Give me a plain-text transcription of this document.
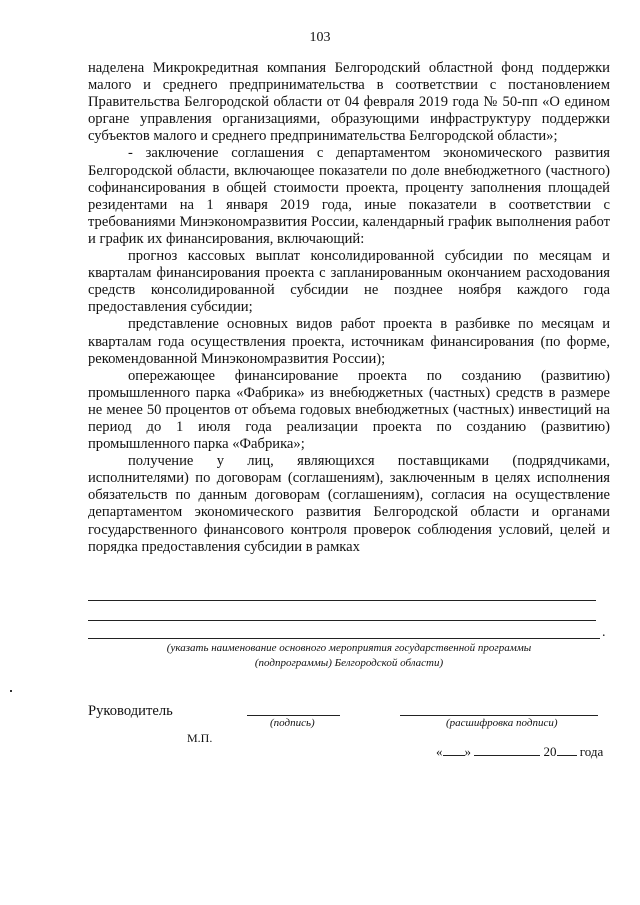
103

наделена Микрокредитная компания Белгородский областной фонд поддержки малого и среднего предпринимательства в соответствии с постановлением Правительства Белгородской области от 04 февраля 2019 года № 50-пп «О едином органе управления организациями, образующими инфраструктуру поддержки субъектов малого и среднего предпринимательства Белгородской области»;

- заключение соглашения с департаментом экономического развития Белгородской области, включающее показатели по доле внебюджетного (частного) софинансирования в общей стоимости проекта, проценту заполнения площадей резидентами на 1 января 2019 года, иные показатели в соответствии с требованиями Минэкономразвития России, календарный график выполнения работ и график их финансирования, включающий:

прогноз кассовых выплат консолидированной субсидии по месяцам и кварталам финансирования проекта с запланированным окончанием расходования средств консолидированной субсидии не позднее ноября каждого года предоставления субсидии;

представление основных видов работ проекта в разбивке по месяцам и кварталам года осуществления проекта, источникам финансирования (по форме, рекомендованной Минэкономразвития России);

опережающее финансирование проекта по созданию (развитию) промышленного парка «Фабрика» из внебюджетных (частных) средств в размере не менее 50 процентов от объема годовых внебюджетных (частных) инвестиций на период до 1 июля года реализации проекта по созданию (развитию) промышленного парка «Фабрика»;

получение у лиц, являющихся поставщиками (подрядчиками, исполнителями) по договорам (соглашениям), заключенным в целях исполнения обязательств по данным договорам (соглашениям), согласия на осуществление департаментом экономического развития Белгородской области и органами государственного финансового контроля проверок соблюдения условий, целей и порядка предоставления субсидии в рамках

.
(указать наименование основного мероприятия государственной программы
(подпрограммы) Белгородской области)
Руководитель
(подпись)	(расшифровка подписи)
М.П.
« »	20 года
